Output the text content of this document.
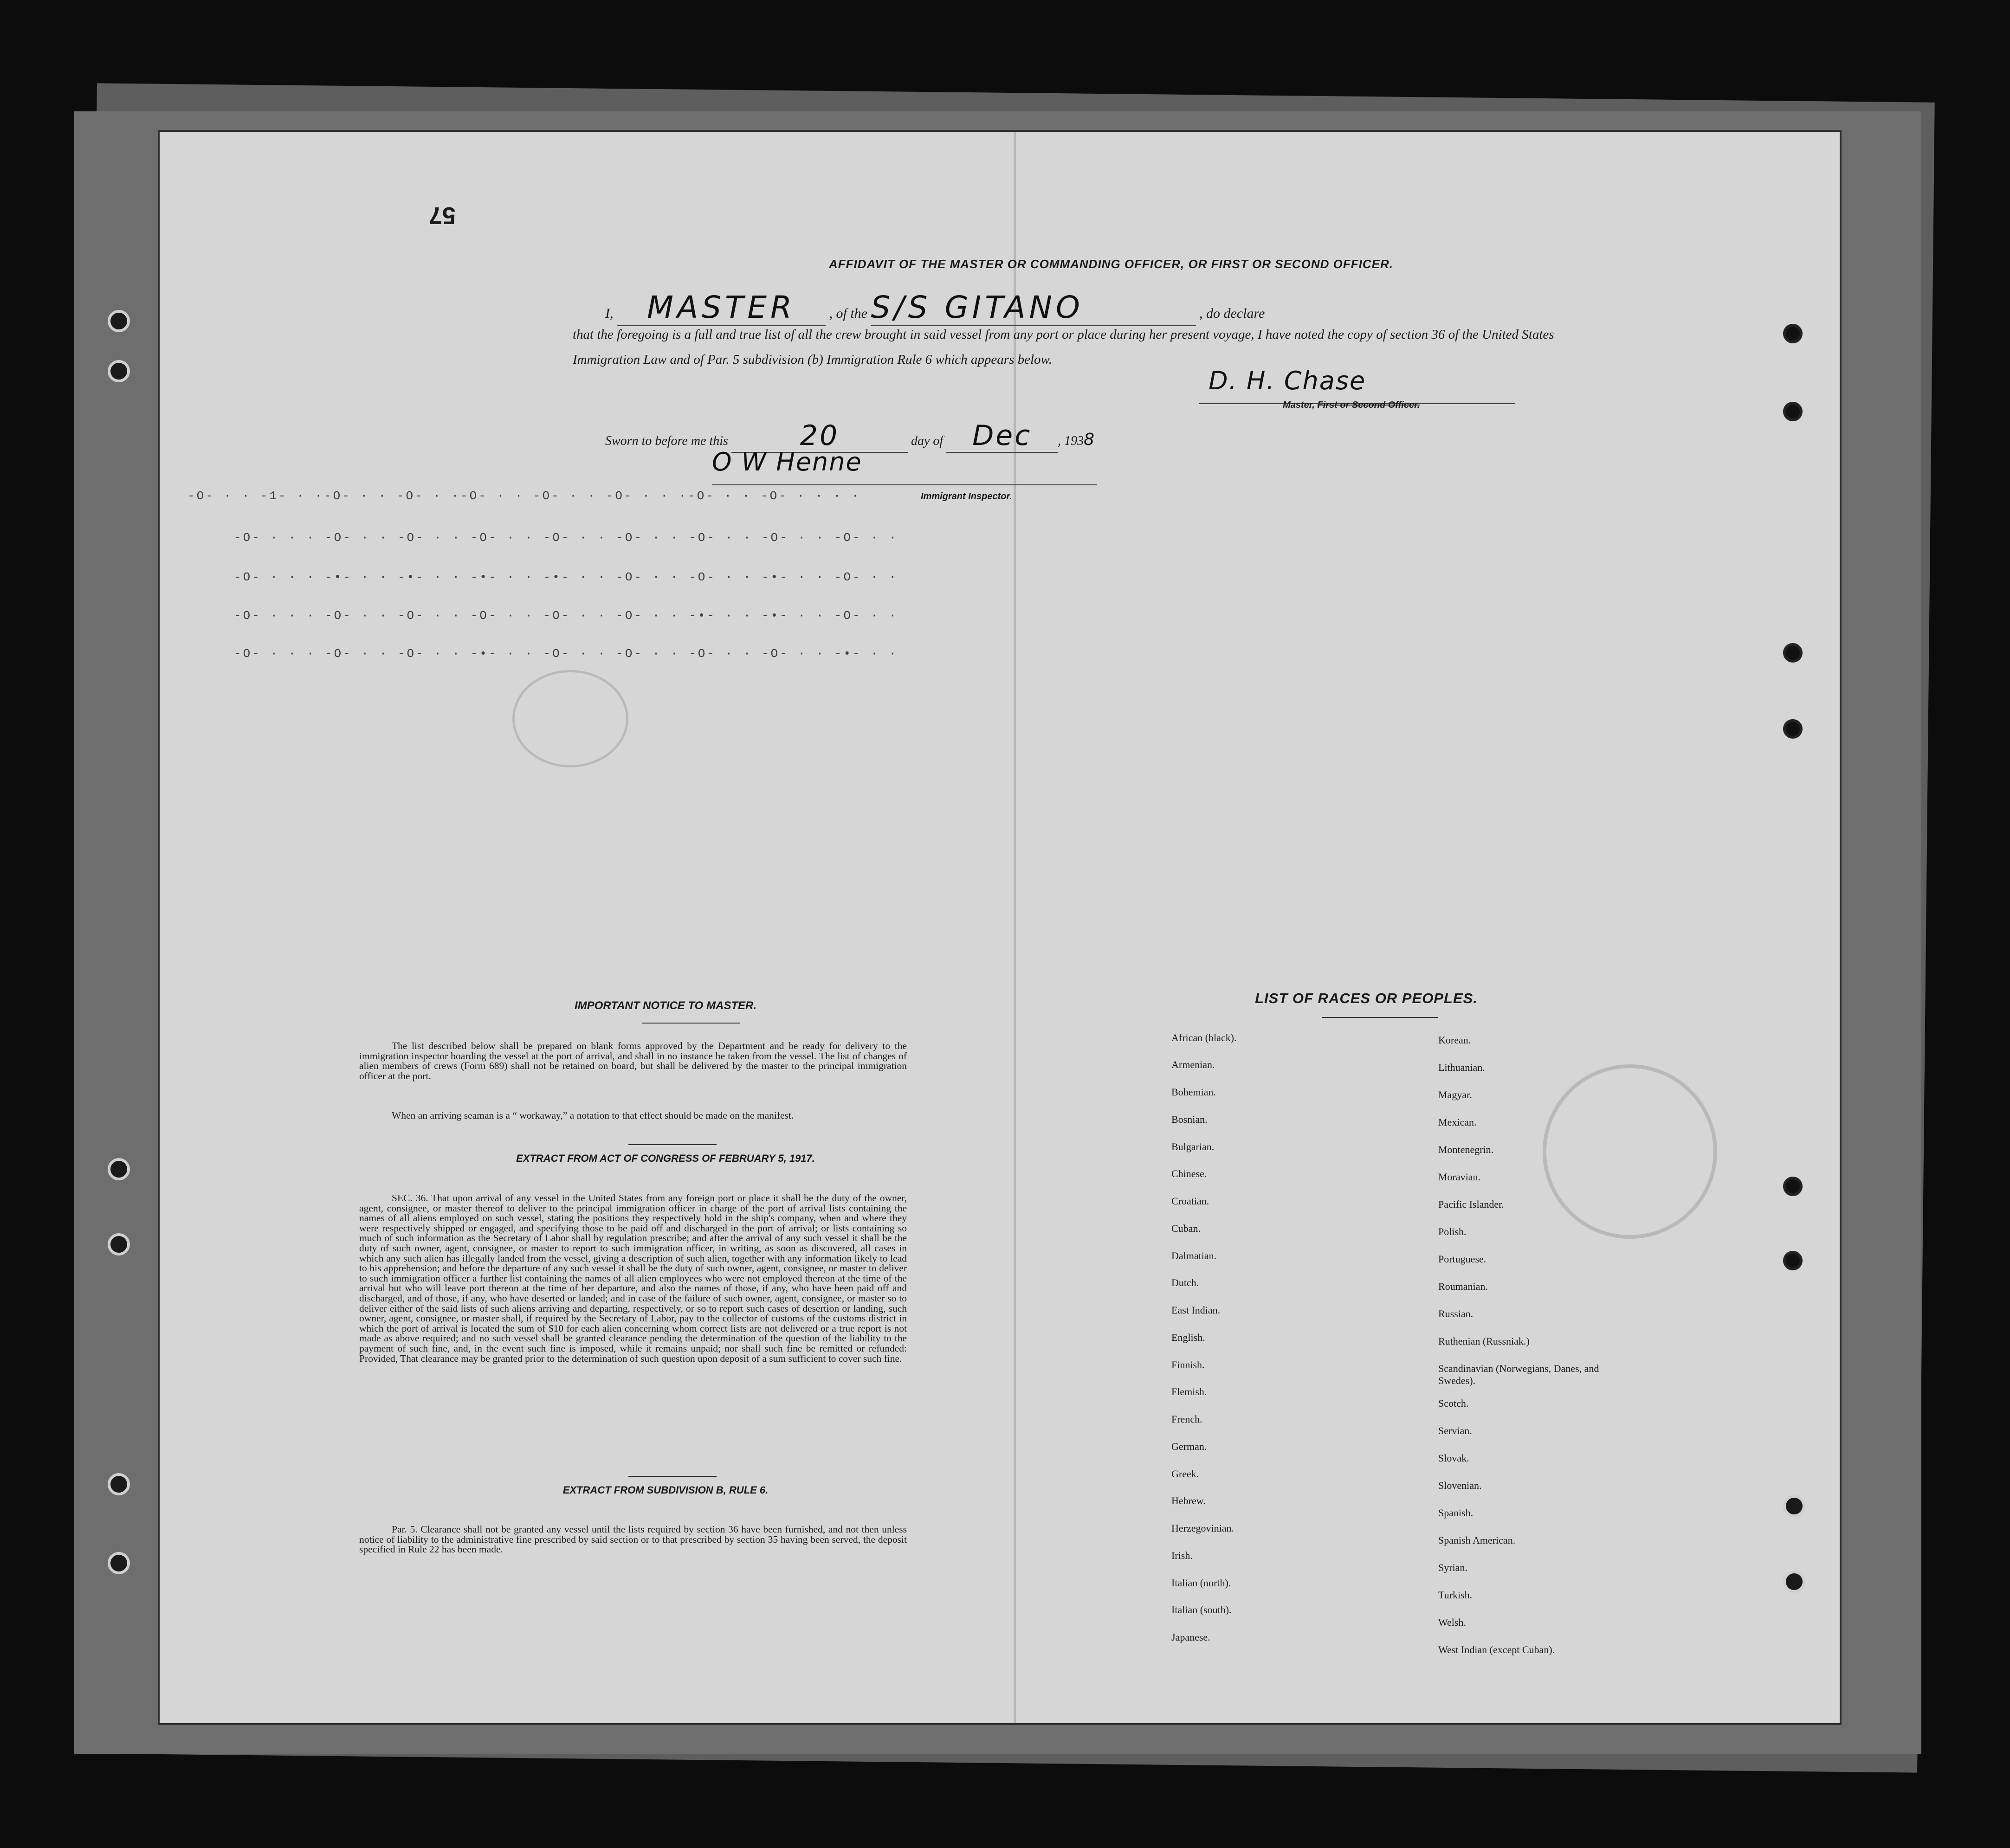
-O- · · -1- · ·-O- · · -O- · ·-O- · · -O- · · -O- · · ·-O- · · -O- · · · ·
-O- · · · -O- · · -O- · · -O- · · -O- · · -O- · · -O- · · -O- · · -O- · ·
-O- · · · -•- · · -•- · · -•- · · -•- · · -O- · · -O- · · -•- · · -O- · ·
-O- · · · -O- · · -O- · · -O- · · -O- · · -O- · · -•- · · -•- · · -O- · ·
-O- · · · -O- · · -O- · · -•- · · -O- · · -O- · · -O- · · -O- · · -•- · ·
57
AFFIDAVIT OF THE MASTER OR COMMANDING OFFICER, OR FIRST OR SECOND OFFICER.
I, MASTER , of the S/S GITANO	, do declare
that the foregoing is a full and true list of all the crew brought in said vessel from any port or place during her present voyage, I have noted the copy of section 36 of the United States Immigration Law and of Par. 5 subdivision (b) Immigration Rule 6 which appears below.
D. H. Chase
Master, First or Second Officer.
Sworn to before me this	20	day of Dec , 1938
O W Henne
Immigrant Inspector.
IMPORTANT NOTICE TO MASTER.
The list described below shall be prepared on blank forms approved by the Department and be ready for delivery to the immigration inspector boarding the vessel at the port of arrival, and shall in no instance be taken from the vessel. The list of changes of alien members of crews (Form 689) shall not be retained on board, but shall be delivered by the master to the principal immigration officer at the port.
When an arriving seaman is a “ workaway,” a notation to that effect should be made on the manifest.
EXTRACT FROM ACT OF CONGRESS OF FEBRUARY 5, 1917.
SEC. 36. That upon arrival of any vessel in the United States from any foreign port or place it shall be the duty of the owner, agent, consignee, or master thereof to deliver to the principal immigration officer in charge of the port of arrival lists containing the names of all aliens employed on such vessel, stating the positions they respectively hold in the ship's company, when and where they were respectively shipped or engaged, and specifying those to be paid off and discharged in the port of arrival; or lists containing so much of such information as the Secretary of Labor shall by regulation prescribe; and after the arrival of any such vessel it shall be the duty of such owner, agent, consignee, or master to report to such immigration officer, in writing, as soon as discovered, all cases in which any such alien has illegally landed from the vessel, giving a description of such alien, together with any information likely to lead to his apprehension; and before the departure of any such vessel it shall be the duty of such owner, agent, consignee, or master to deliver to such immigration officer a further list containing the names of all alien employees who were not employed thereon at the time of the arrival but who will leave port thereon at the time of her departure, and also the names of those, if any, who have been paid off and discharged, and of those, if any, who have deserted or landed; and in case of the failure of such owner, agent, consignee, or master so to deliver either of the said lists of such aliens arriving and departing, respectively, or so to report such cases of desertion or landing, such owner, agent, consignee, or master shall, if required by the Secretary of Labor, pay to the collector of customs of the customs district in which the port of arrival is located the sum of $10 for each alien concerning whom correct lists are not delivered or a true report is not made as above required; and no such vessel shall be granted clearance pending the determination of the question of the liability to the payment of such fine, and, in the event such fine is imposed, while it remains unpaid; nor shall such fine be remitted or refunded: Provided, That clearance may be granted prior to the determination of such question upon deposit of a sum sufficient to cover such fine.
EXTRACT FROM SUBDIVISION B, RULE 6.
Par. 5. Clearance shall not be granted any vessel until the lists required by section 36 have been furnished, and not then unless notice of liability to the administrative fine prescribed by said section or to that prescribed by section 35 having been served, the deposit specified in Rule 22 has been made.
LIST OF RACES OR PEOPLES.
African (black).
Armenian.
Bohemian.
Bosnian.
Bulgarian.
Chinese.
Croatian.
Cuban.
Dalmatian.
Dutch.
East Indian.
English.
Finnish.
Flemish.
French.
German.
Greek.
Hebrew.
Herzegovinian.
Irish.
Italian (north).
Italian (south).
Japanese.
Korean.
Lithuanian.
Magyar.
Mexican.
Montenegrin.
Moravian.
Pacific Islander.
Polish.
Portuguese.
Roumanian.
Russian.
Ruthenian (Russniak.)
Scandinavian (Norwegians, Danes, and Swedes).
Scotch.
Servian.
Slovak.
Slovenian.
Spanish.
Spanish American.
Syrian.
Turkish.
Welsh.
West Indian (except Cuban).
